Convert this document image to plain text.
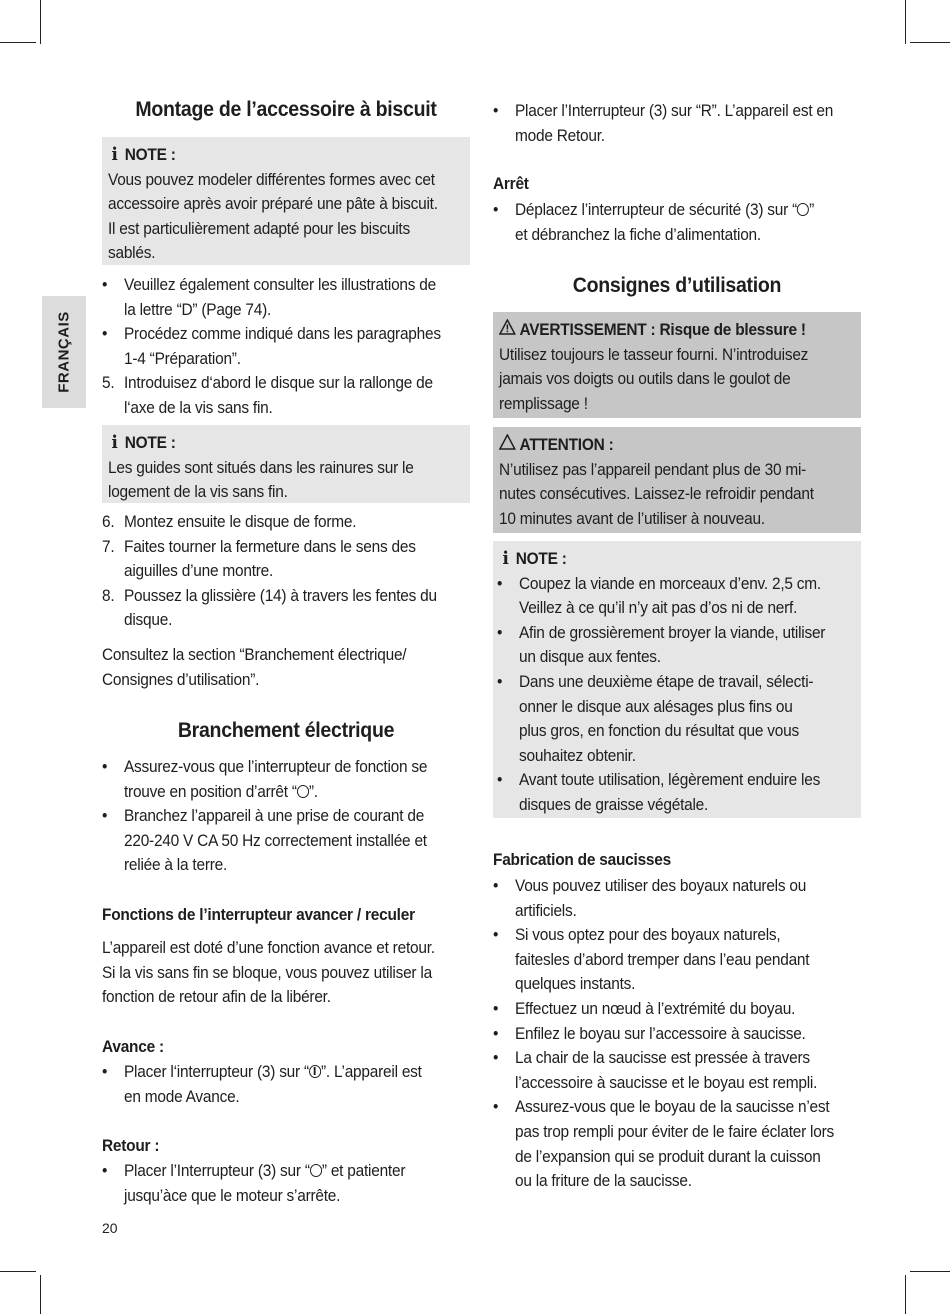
FRANÇAIS
Montage de l’accessoire à biscuit
i NOTE :
Vous pouvez modeler différentes formes avec cet
accessoire après avoir préparé une pâte à biscuit.
Il est particulièrement adapté pour les biscuits
sablés.
• Veuillez également consulter les illustrations de
la lettre “D” (Page 74).
• Procédez comme indiqué dans les paragraphes
1-4 “Préparation”.
5. Introduisez d‘abord le disque sur la rallonge de
l‘axe de la vis sans fin.
i NOTE :
Les guides sont situés dans les rainures sur le
logement de la vis sans fin.
6. Montez ensuite le disque de forme.
7. Faites tourner la fermeture dans le sens des
aiguilles d’une montre.
8. Poussez la glissière (14) à travers les fentes du
disque.
Consultez la section “Branchement électrique/
Consignes d’utilisation”.
Branchement électrique
• Assurez-vous que l’interrupteur de fonction se
trouve en position d’arrêt “ ”.
• Branchez l’appareil à une prise de courant de
220-240 V CA 50 Hz correctement installée et
reliée à la terre.
Fonctions de l’interrupteur avancer / reculer
L’appareil est doté d’une fonction avance et retour.
Si la vis sans fin se bloque, vous pouvez utiliser la
fonction de retour afin de la libérer.
Avance :
• Placer l‘interrupteur (3) sur “ ”. L’appareil est
en mode Avance.
Retour :
• Placer l’Interrupteur (3) sur “ ” et patienter
jusqu’àce que le moteur s’arrête.
• Placer l’Interrupteur (3) sur “R”. L’appareil est en
mode Retour.
Arrêt
• Déplacez l’interrupteur de sécurité (3) sur “ ”
et débranchez la fiche d’alimentation.
Consignes d’utilisation
AVERTISSEMENT : Risque de blessure !
Utilisez toujours le tasseur fourni. N’introduisez
jamais vos doigts ou outils dans le goulot de
remplissage !
ATTENTION :
N’utilisez pas l’appareil pendant plus de 30 mi-
nutes consécutives. Laissez-le refroidir pendant
10 minutes avant de l’utiliser à nouveau.
i NOTE :
• Coupez la viande en morceaux d’env. 2,5 cm.
Veillez à ce qu’il n’y ait pas d’os ni de nerf.
• Afin de grossièrement broyer la viande, utiliser
un disque aux fentes.
• Dans une deuxième étape de travail, sélecti-
onner le disque aux alésages plus fins ou
plus gros, en fonction du résultat que vous
souhaitez obtenir.
• Avant toute utilisation, légèrement enduire les
disques de graisse végétale.
Fabrication de saucisses
• Vous pouvez utiliser des boyaux naturels ou
artificiels.
• Si vous optez pour des boyaux naturels,
faitesles d’abord tremper dans l’eau pendant
quelques instants.
• Effectuez un nœud à l’extrémité du boyau.
• Enfilez le boyau sur l’accessoire à saucisse.
• La chair de la saucisse est pressée à travers
l’accessoire à saucisse et le boyau est rempli.
• Assurez-vous que le boyau de la saucisse n’est
pas trop rempli pour éviter de le faire éclater lors
de l’expansion qui se produit durant la cuisson
ou la friture de la saucisse.
20
